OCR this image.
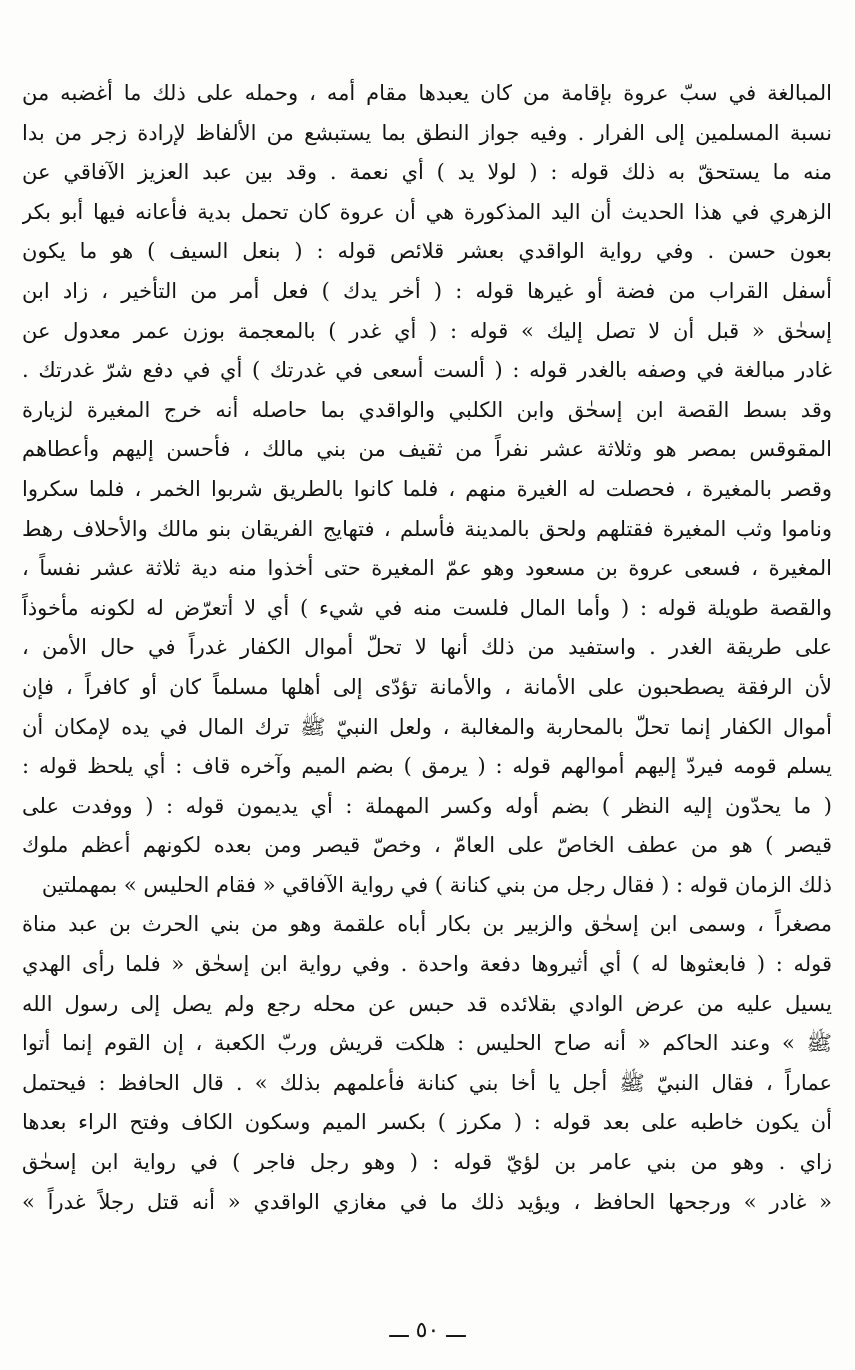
المبالغة في سبّ عروة بإقامة من كان يعبدها مقام أمه ، وحمله على ذلك ما أغضبه من
نسبة المسلمين إلى الفرار . وفيه جواز النطق بما يستبشع من الألفاظ لإرادة زجر من بدا
منه ما يستحقّ به ذلك قوله : ( لولا يد ) أي نعمة . وقد بين عبد العزيز الآفاقي عن
الزهري في هذا الحديث أن اليد المذكورة هي أن عروة كان تحمل بدية فأعانه فيها أبو بكر
بعون حسن . وفي رواية الواقدي بعشر قلائص قوله : ( بنعل السيف ) هو ما يكون
أسفل القراب من فضة أو غيرها قوله : ( أخر يدك ) فعل أمر من التأخير ، زاد ابن
إسحٰق « قبل أن لا تصل إليك » قوله : ( أي غدر ) بالمعجمة بوزن عمر معدول عن
غادر مبالغة في وصفه بالغدر قوله : ( ألست أسعى في غدرتك ) أي في دفع شرّ غدرتك .
وقد بسط القصة ابن إسحٰق وابن الكلبي والواقدي بما حاصله أنه خرج المغيرة لزيارة
المقوقس بمصر هو وثلاثة عشر نفراً من ثقيف من بني مالك ، فأحسن إليهم وأعطاهم
وقصر بالمغيرة ، فحصلت له الغيرة منهم ، فلما كانوا بالطريق شربوا الخمر ، فلما سكروا
وناموا وثب المغيرة فقتلهم ولحق بالمدينة فأسلم ، فتهايج الفريقان بنو مالك والأحلاف رهط
المغيرة ، فسعى عروة بن مسعود وهو عمّ المغيرة حتى أخذوا منه دية ثلاثة عشر نفساً ،
والقصة طويلة قوله : ( وأما المال فلست منه في شيء ) أي لا أتعرّض له لكونه مأخوذاً
على طريقة الغدر . واستفيد من ذلك أنها لا تحلّ أموال الكفار غدراً في حال الأمن ،
لأن الرفقة يصطحبون على الأمانة ، والأمانة تؤدّى إلى أهلها مسلماً كان أو كافراً ، فإن
أموال الكفار إنما تحلّ بالمحاربة والمغالبة ، ولعل النبيّ ﷺ ترك المال في يده لإمكان أن
يسلم قومه فيردّ إليهم أموالهم قوله : ( يرمق ) بضم الميم وآخره قاف : أي يلحظ قوله :
( ما يحدّون إليه النظر ) بضم أوله وكسر المهملة : أي يديمون قوله : ( ووفدت على
قيصر ) هو من عطف الخاصّ على العامّ ، وخصّ قيصر ومن بعده لكونهم أعظم ملوك
ذلك الزمان قوله : ( فقال رجل من بني كنانة ) في رواية الآفاقي « فقام الحليس » بمهملتين
مصغراً ، وسمى ابن إسحٰق والزبير بن بكار أباه علقمة وهو من بني الحرث بن عبد مناة
قوله : ( فابعثوها له ) أي أثيروها دفعة واحدة . وفي رواية ابن إسحٰق « فلما رأى الهدي
يسيل عليه من عرض الوادي بقلائده قد حبس عن محله رجع ولم يصل إلى رسول الله
ﷺ » وعند الحاكم « أنه صاح الحليس : هلكت قريش وربّ الكعبة ، إن القوم إنما أتوا
عماراً ، فقال النبيّ ﷺ أجل يا أخا بني كنانة فأعلمهم بذلك » . قال الحافظ : فيحتمل
أن يكون خاطبه على بعد قوله : ( مكرز ) بكسر الميم وسكون الكاف وفتح الراء بعدها
زاي . وهو من بني عامر بن لؤيّ قوله : ( وهو رجل فاجر ) في رواية ابن إسحٰق
« غادر » ورجحها الحافظ ، ويؤيد ذلك ما في مغازي الواقدي « أنه قتل رجلاً غدراً »
ـــ ٥٠ ـــ
